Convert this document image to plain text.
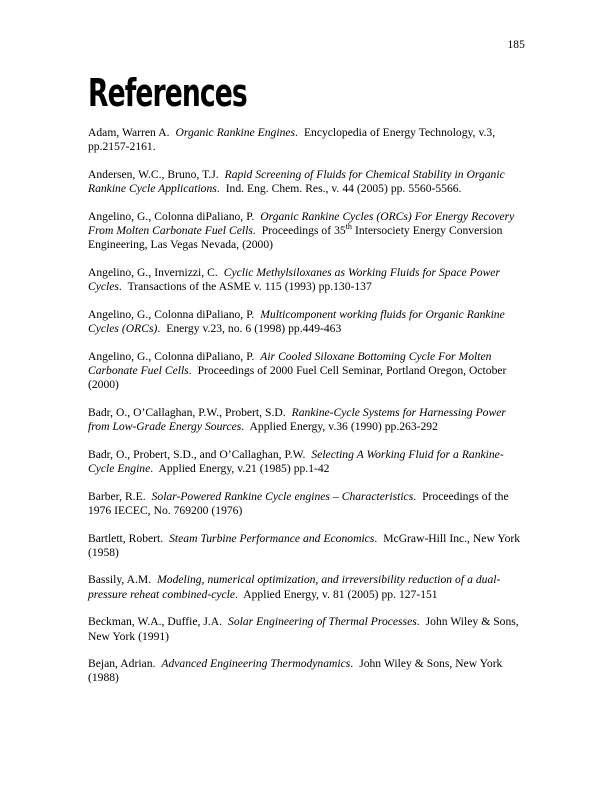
185
References

Adam, Warren A. Organic Rankine Engines. Encyclopedia of Energy Technology, v.3, pp.2157-2161.

Andersen, W.C., Bruno, T.J. Rapid Screening of Fluids for Chemical Stability in Organic Rankine Cycle Applications. Ind. Eng. Chem. Res., v. 44 (2005) pp. 5560-5566.

Angelino, G., Colonna diPaliano, P. Organic Rankine Cycles (ORCs) For Energy Recovery From Molten Carbonate Fuel Cells. Proceedings of 35th Intersociety Energy Conversion Engineering, Las Vegas Nevada, (2000)

Angelino, G., Invernizzi, C. Cyclic Methylsiloxanes as Working Fluids for Space Power Cycles. Transactions of the ASME v. 115 (1993) pp.130-137

Angelino, G., Colonna diPaliano, P. Multicomponent working fluids for Organic Rankine Cycles (ORCs). Energy v.23, no. 6 (1998) pp.449-463

Angelino, G., Colonna diPaliano, P. Air Cooled Siloxane Bottoming Cycle For Molten Carbonate Fuel Cells. Proceedings of 2000 Fuel Cell Seminar, Portland Oregon, October (2000)

Badr, O., O’Callaghan, P.W., Probert, S.D. Rankine-Cycle Systems for Harnessing Power from Low-Grade Energy Sources. Applied Energy, v.36 (1990) pp.263-292

Badr, O., Probert, S.D., and O’Callaghan, P.W. Selecting A Working Fluid for a Rankine-Cycle Engine. Applied Energy, v.21 (1985) pp.1-42

Barber, R.E. Solar-Powered Rankine Cycle engines – Characteristics. Proceedings of the 1976 IECEC, No. 769200 (1976)

Bartlett, Robert. Steam Turbine Performance and Economics. McGraw-Hill Inc., New York (1958)

Bassily, A.M. Modeling, numerical optimization, and irreversibility reduction of a dual-pressure reheat combined-cycle. Applied Energy, v. 81 (2005) pp. 127-151

Beckman, W.A., Duffie, J.A. Solar Engineering of Thermal Processes. John Wiley & Sons, New York (1991)

Bejan, Adrian. Advanced Engineering Thermodynamics. John Wiley & Sons, New York (1988)
